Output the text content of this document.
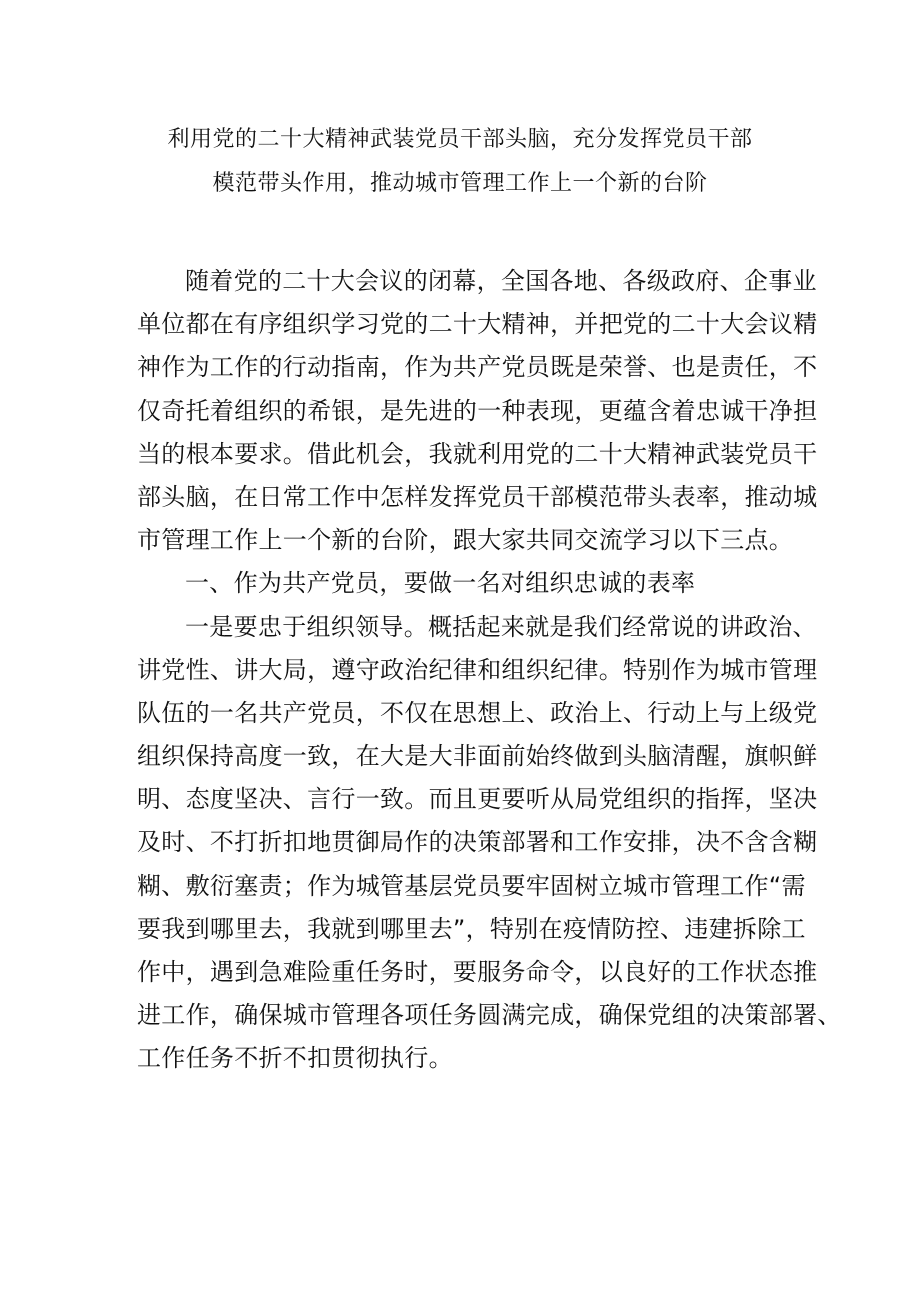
利用党的二十大精神武装党员干部头脑，充分发挥党员干部
模范带头作用，推动城市管理工作上一个新的台阶
随着党的二十大会议的闭幕，全国各地、各级政府、企事业
单位都在有序组织学习党的二十大精神，并把党的二十大会议精
神作为工作的行动指南，作为共产党员既是荣誉、也是责任，不
仅奇托着组织的希银，是先进的一种表现，更蕴含着忠诚干净担
当的根本要求。借此机会，我就利用党的二十大精神武装党员干
部头脑，在日常工作中怎样发挥党员干部模范带头表率，推动城
市管理工作上一个新的台阶，跟大家共同交流学习以下三点。
一、作为共产党员，要做一名对组织忠诚的表率
一是要忠于组织领导。概括起来就是我们经常说的讲政治、
讲党性、讲大局，遵守政治纪律和组织纪律。特别作为城市管理
队伍的一名共产党员，不仅在思想上、政治上、行动上与上级党
组织保持高度一致，在大是大非面前始终做到头脑清醒，旗帜鲜
明、态度坚决、言行一致。而且更要听从局党组织的指挥，坚决
及时、不打折扣地贯御局作的决策部署和工作安排，决不含含糊
糊、敷衍塞责；作为城管基层党员要牢固树立城市管理工作“需
要我到哪里去，我就到哪里去”，特别在疫情防控、违建拆除工
作中，遇到急难险重任务时，要服务命令，以良好的工作状态推
进工作，确保城市管理各项任务圆满完成，确保党组的决策部署、
工作任务不折不扣贯彻执行。
